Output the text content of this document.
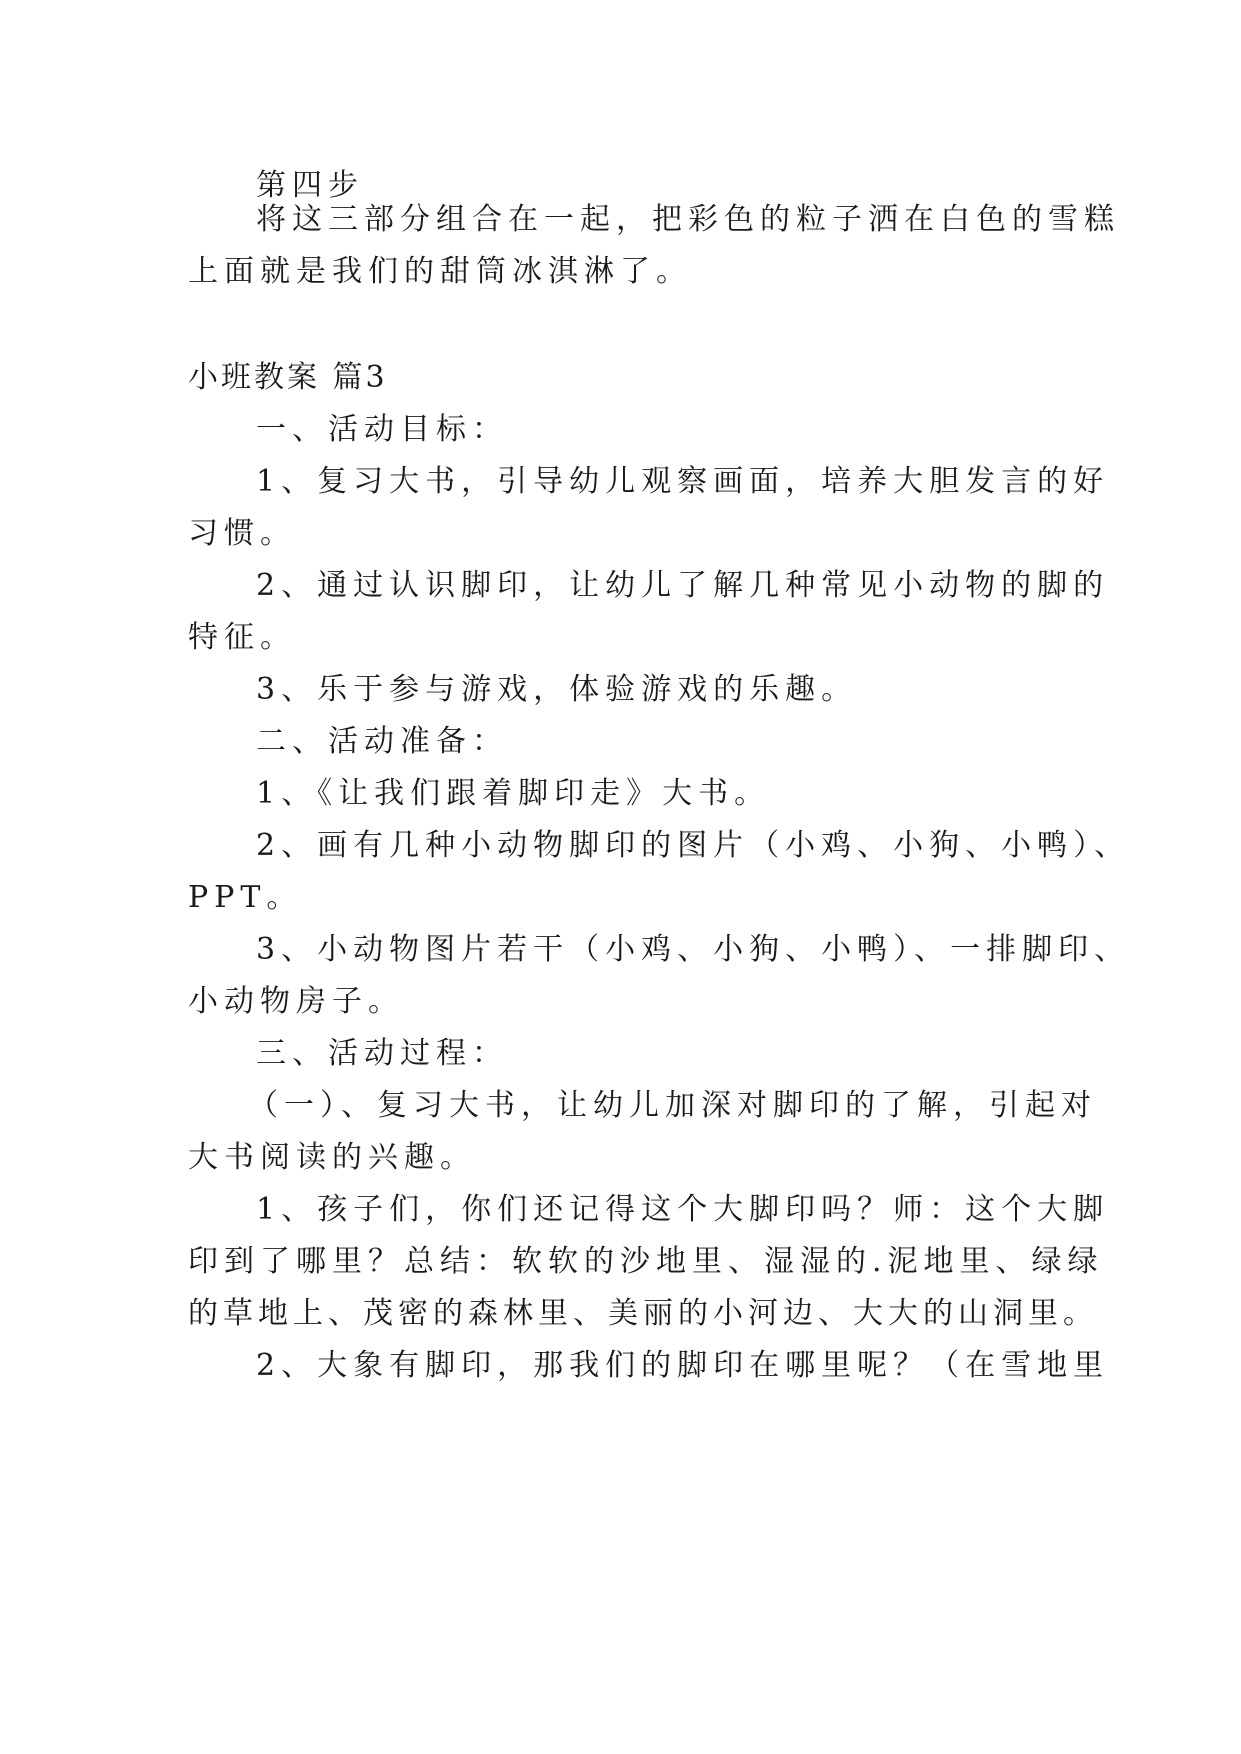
第四步
将这三部分组合在一起，把彩色的粒子洒在白色的雪糕
上面就是我们的甜筒冰淇淋了。
小班教案 篇3
一、活动目标：
1、复习大书，引导幼儿观察画面，培养大胆发言的好
习惯。
2、通过认识脚印，让幼儿了解几种常见小动物的脚的
特征。
3、乐于参与游戏，体验游戏的乐趣。
二、活动准备：
1、《让我们跟着脚印走》大书。
2、画有几种小动物脚印的图片（小鸡、小狗、小鸭）、
PPT。
3、小动物图片若干（小鸡、小狗、小鸭）、一排脚印、
小动物房子。
三、活动过程：
（一）、复习大书，让幼儿加深对脚印的了解，引起对
大书阅读的兴趣。
1、孩子们，你们还记得这个大脚印吗？师：这个大脚
印到了哪里？总结：软软的沙地里、湿湿的.泥地里、绿绿
的草地上、茂密的森林里、美丽的小河边、大大的山洞里。
2、大象有脚印，那我们的脚印在哪里呢？（在雪地里
